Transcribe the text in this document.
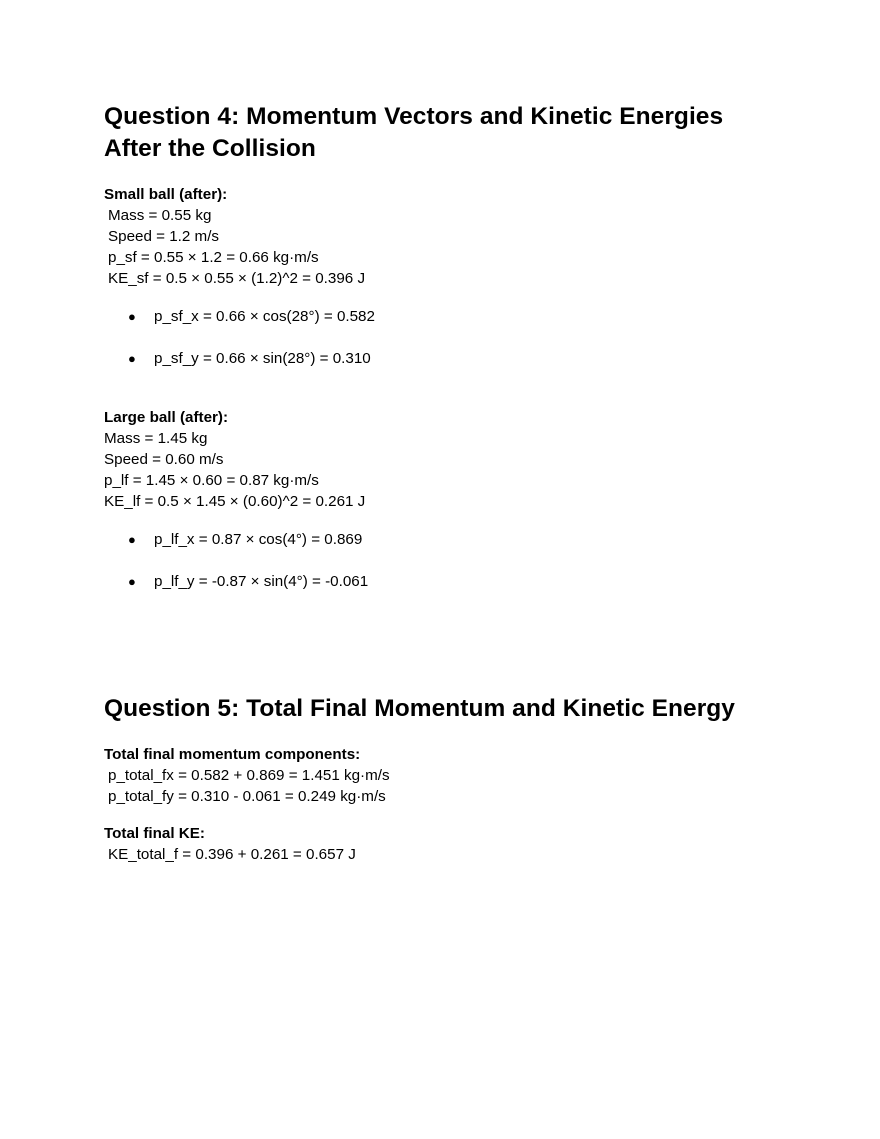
Question 4: Momentum Vectors and Kinetic Energies After the Collision
Small ball (after):
Mass = 0.55 kg
Speed = 1.2 m/s
p_sf = 0.55 × 1.2 = 0.66 kg·m/s
KE_sf = 0.5 × 0.55 × (1.2)^2 = 0.396 J

●

	p_sf_x = 0.66 × cos(28°) = 0.582

●

	p_sf_y = 0.66 × sin(28°) = 0.310

Large ball (after):
Mass = 1.45 kg
Speed = 0.60 m/s
p_lf = 1.45 × 0.60 = 0.87 kg·m/s
KE_lf = 0.5 × 1.45 × (0.60)^2 = 0.261 J

●

	p_lf_x = 0.87 × cos(4°) = 0.869

●

	p_lf_y = -0.87 × sin(4°) = -0.061

Question 5: Total Final Momentum and Kinetic Energy
Total final momentum components:
p_total_fx = 0.582 + 0.869 = 1.451 kg·m/s
p_total_fy = 0.310 - 0.061 = 0.249 kg·m/s
Total final KE:
KE_total_f = 0.396 + 0.261 = 0.657 J
